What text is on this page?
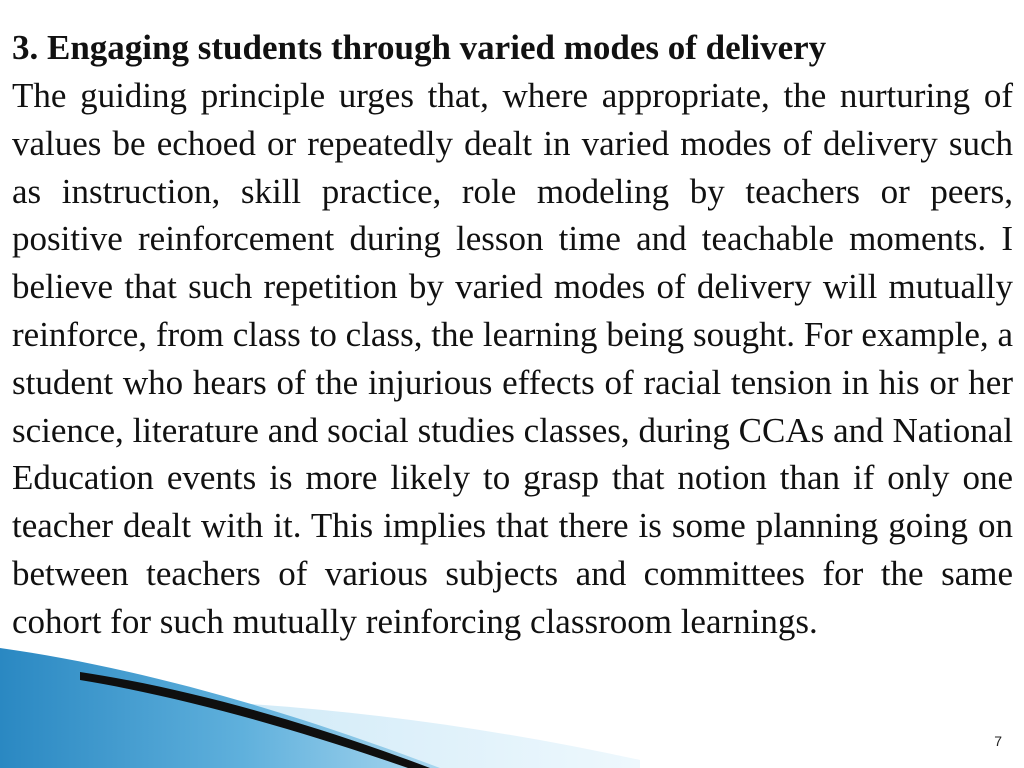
3. Engaging students through varied modes of delivery

The guiding principle urges that, where appropriate, the nurturing of values be echoed or repeatedly dealt in varied modes of delivery such as instruction, skill practice, role modeling by teachers or peers, positive reinforcement during lesson time and teachable moments. I believe that such repetition by varied modes of delivery will mutually reinforce, from class to class, the learning being sought. For example, a student who hears of the injurious effects of racial tension in his or her science, literature and social studies classes, during CCAs and National Education events is more likely to grasp that notion than if only one teacher dealt with it. This implies that there is some planning going on between teachers of various subjects and committees for the same cohort for such mutually reinforcing classroom learnings.

7
